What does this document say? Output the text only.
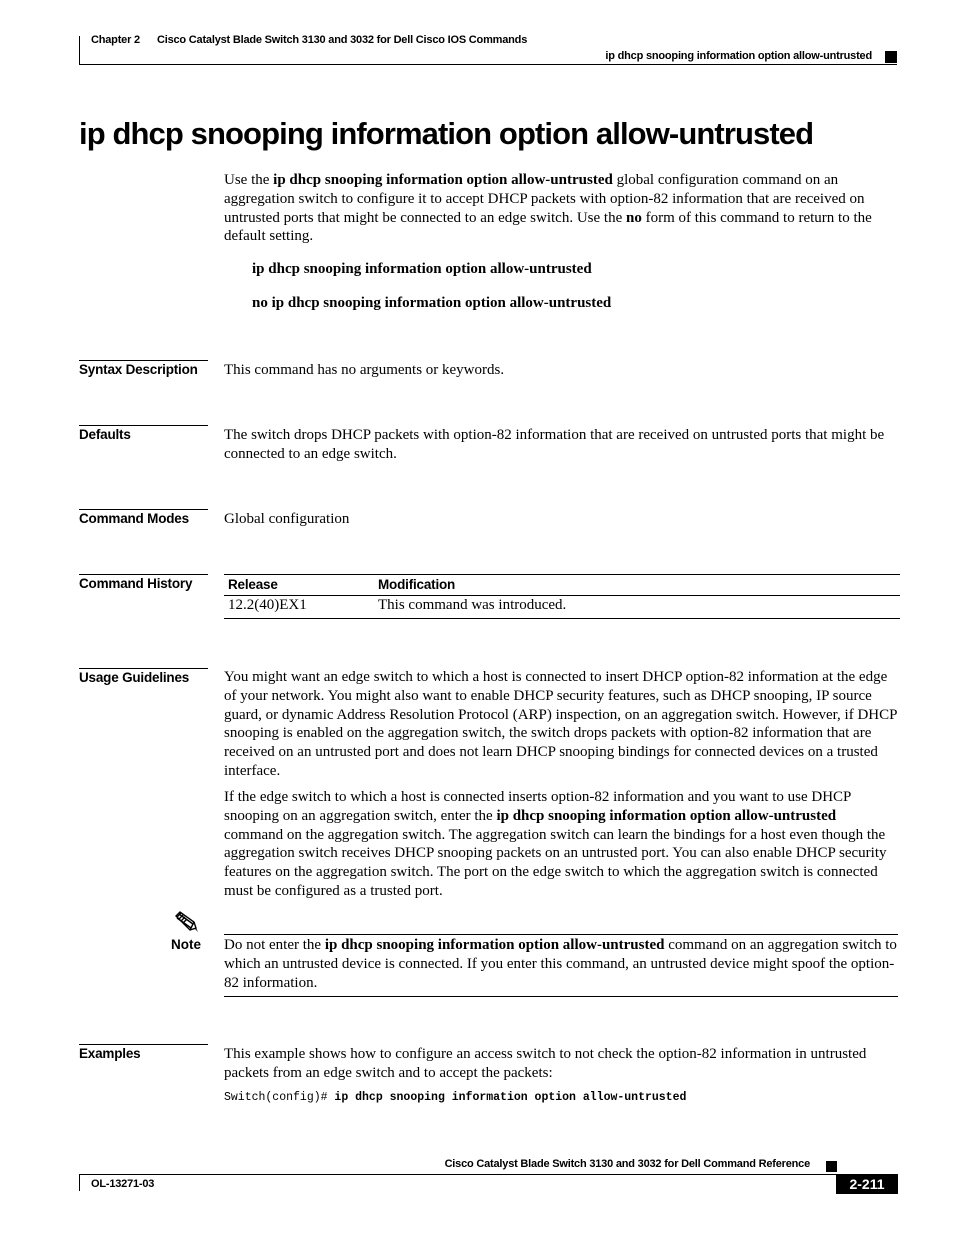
Chapter 2 Cisco Catalyst Blade Switch 3130 and 3032 for Dell Cisco IOS Commands
ip dhcp snooping information option allow-untrusted
ip dhcp snooping information option allow-untrusted
Use the ip dhcp snooping information option allow-untrusted global configuration command on an aggregation switch to configure it to accept DHCP packets with option-82 information that are received on untrusted ports that might be connected to an edge switch. Use the no form of this command to return to the default setting.
ip dhcp snooping information option allow-untrusted
no ip dhcp snooping information option allow-untrusted
Syntax Description	This command has no arguments or keywords.
Defaults	The switch drops DHCP packets with option-82 information that are received on untrusted ports that might be connected to an edge switch.
Command Modes	Global configuration
Command History	Release	Modification
12.2(40)EX1	This command was introduced.
Usage Guidelines	You might want an edge switch to which a host is connected to insert DHCP option-82 information at the edge of your network. You might also want to enable DHCP security features, such as DHCP snooping, IP source guard, or dynamic Address Resolution Protocol (ARP) inspection, on an aggregation switch. However, if DHCP snooping is enabled on the aggregation switch, the switch drops packets with option-82 information that are received on an untrusted port and does not learn DHCP snooping bindings for connected devices on a trusted interface.
If the edge switch to which a host is connected inserts option-82 information and you want to use DHCP snooping on an aggregation switch, enter the ip dhcp snooping information option allow-untrusted command on the aggregation switch. The aggregation switch can learn the bindings for a host even though the aggregation switch receives DHCP snooping packets on an untrusted port. You can also enable DHCP security features on the aggregation switch. The port on the edge switch to which the aggregation switch is connected must be configured as a trusted port.
Note Do not enter the ip dhcp snooping information option allow-untrusted command on an aggregation switch to which an untrusted device is connected. If you enter this command, an untrusted device might spoof the option-82 information.
Examples	This example shows how to configure an access switch to not check the option-82 information in untrusted packets from an edge switch and to accept the packets:
Switch(config)# ip dhcp snooping information option allow-untrusted
Cisco Catalyst Blade Switch 3130 and 3032 for Dell Command Reference
OL-13271-03	2-211
